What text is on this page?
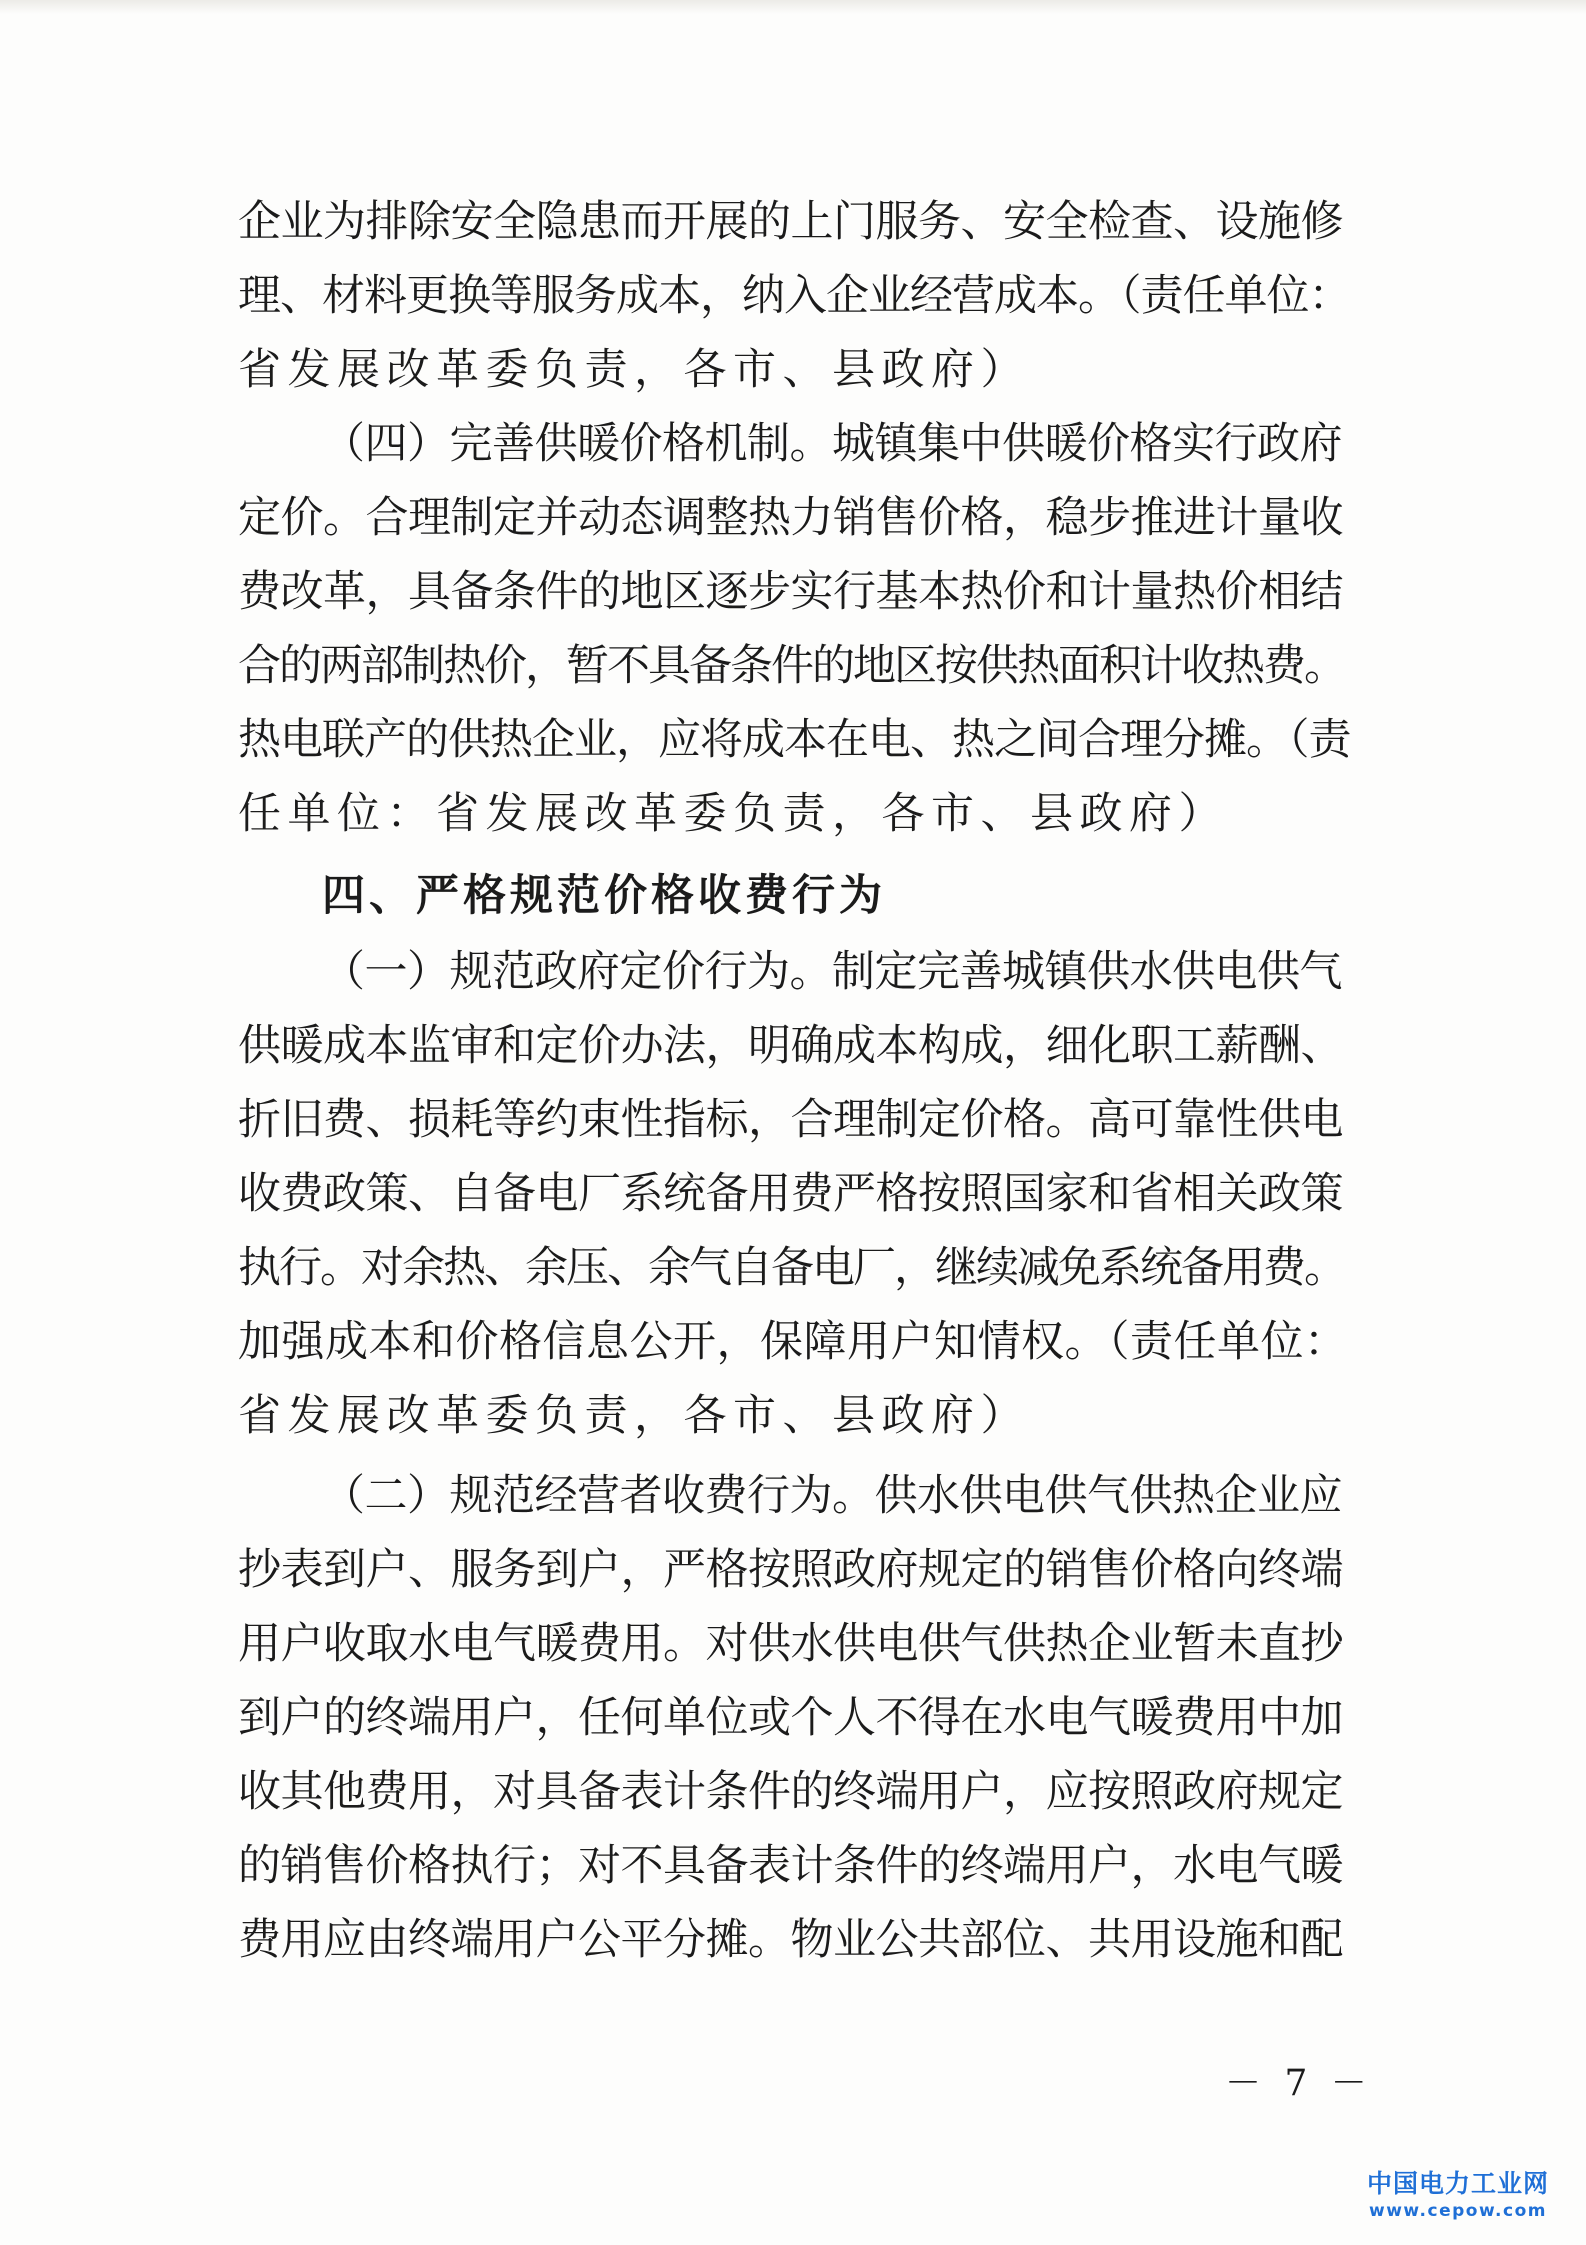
企业为排除安全隐患而开展的上门服务、安全检查、设施修
理、材料更换等服务成本，纳入企业经营成本。（责任单位：
省发展改革委负责，各市、县政府）
（四）完善供暖价格机制。城镇集中供暖价格实行政府
定价。合理制定并动态调整热力销售价格，稳步推进计量收
费改革，具备条件的地区逐步实行基本热价和计量热价相结
合的两部制热价，暂不具备条件的地区按供热面积计收热费。
热电联产的供热企业，应将成本在电、热之间合理分摊。（责
任单位：省发展改革委负责，各市、县政府）
四、严格规范价格收费行为
（一）规范政府定价行为。制定完善城镇供水供电供气
供暖成本监审和定价办法，明确成本构成，细化职工薪酬、
折旧费、损耗等约束性指标，合理制定价格。高可靠性供电
收费政策、自备电厂系统备用费严格按照国家和省相关政策
执行。对余热、余压、余气自备电厂，继续减免系统备用费。
加强成本和价格信息公开，保障用户知情权。（责任单位：
省发展改革委负责，各市、县政府）
（二）规范经营者收费行为。供水供电供气供热企业应
抄表到户、服务到户，严格按照政府规定的销售价格向终端
用户收取水电气暖费用。对供水供电供气供热企业暂未直抄
到户的终端用户，任何单位或个人不得在水电气暖费用中加
收其他费用，对具备表计条件的终端用户，应按照政府规定
的销售价格执行；对不具备表计条件的终端用户，水电气暖
费用应由终端用户公平分摊。物业公共部位、共用设施和配
－ 7 －
中国电力工业网
www.cepow.com
